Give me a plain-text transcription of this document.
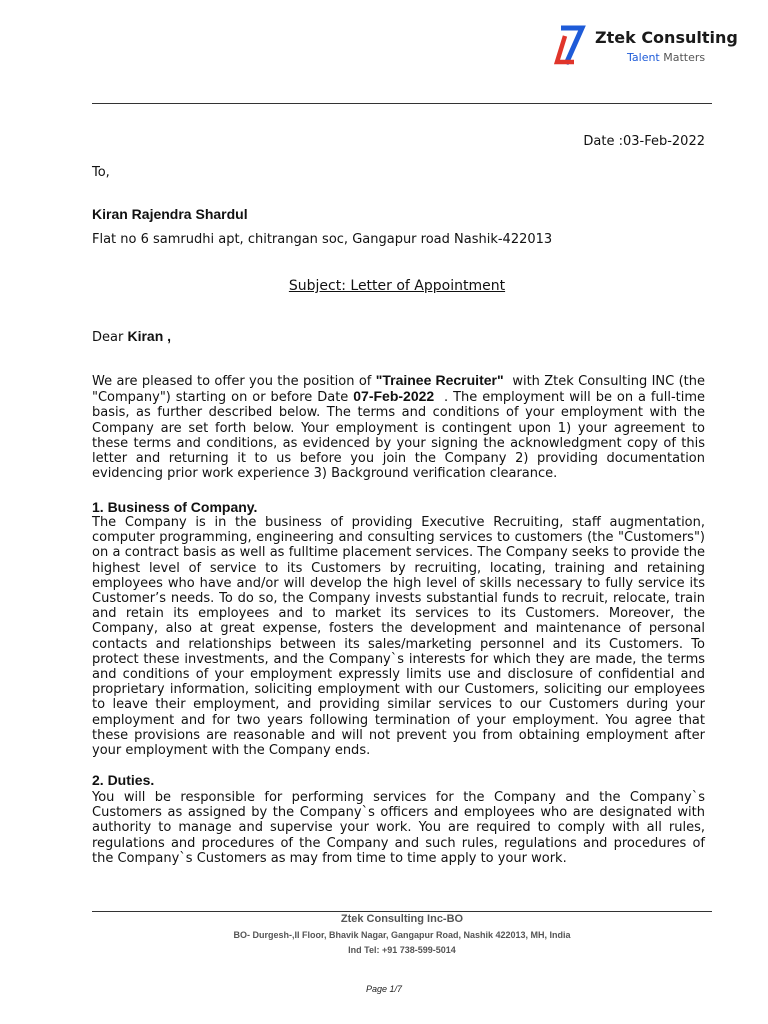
Ztek Consulting
Talent Matters
Date :03-Feb-2022
To,
Kiran Rajendra Shardul
Flat no 6 samrudhi apt, chitrangan soc, Gangapur road Nashik-422013
Subject: Letter of Appointment
Dear Kiran ,
We are pleased to offer you the position of "Trainee Recruiter" with Ztek Consulting INC (the "Company") starting on or before Date 07-Feb-2022 . The employment will be on a full-time basis, as further described below. The terms and conditions of your employment with the Company are set forth below. Your employment is contingent upon 1) your agreement to these terms and conditions, as evidenced by your signing the acknowledgment copy of this letter and returning it to us before you join the Company 2) providing documentation evidencing prior work experience 3) Background verification clearance.
1. Business of Company.
The Company is in the business of providing Executive Recruiting, staff augmentation, computer programming, engineering and consulting services to customers (the "Customers") on a contract basis as well as fulltime placement services. The Company seeks to provide the highest level of service to its Customers by recruiting, locating, training and retaining employees who have and/or will develop the high level of skills necessary to fully service its Customer’s needs. To do so, the Company invests substantial funds to recruit, relocate, train and retain its employees and to market its services to its Customers. Moreover, the Company, also at great expense, fosters the development and maintenance of personal contacts and relationships between its sales/marketing personnel and its Customers. To protect these investments, and the Company`s interests for which they are made, the terms and conditions of your employment expressly limits use and disclosure of confidential and proprietary information, soliciting employment with our Customers, soliciting our employees to leave their employment, and providing similar services to our Customers during your employment and for two years following termination of your employment. You agree that these provisions are reasonable and will not prevent you from obtaining employment after your employment with the Company ends.
2. Duties.
You will be responsible for performing services for the Company and the Company`s Customers as assigned by the Company`s officers and employees who are designated with authority to manage and supervise your work. You are required to comply with all rules, regulations and procedures of the Company and such rules, regulations and procedures of the Company`s Customers as may from time to time apply to your work.
Ztek Consulting Inc-BO
BO- Durgesh-,II Floor, Bhavik Nagar, Gangapur Road, Nashik 422013, MH, India
Ind Tel: +91 738-599-5014
Page 1/7
